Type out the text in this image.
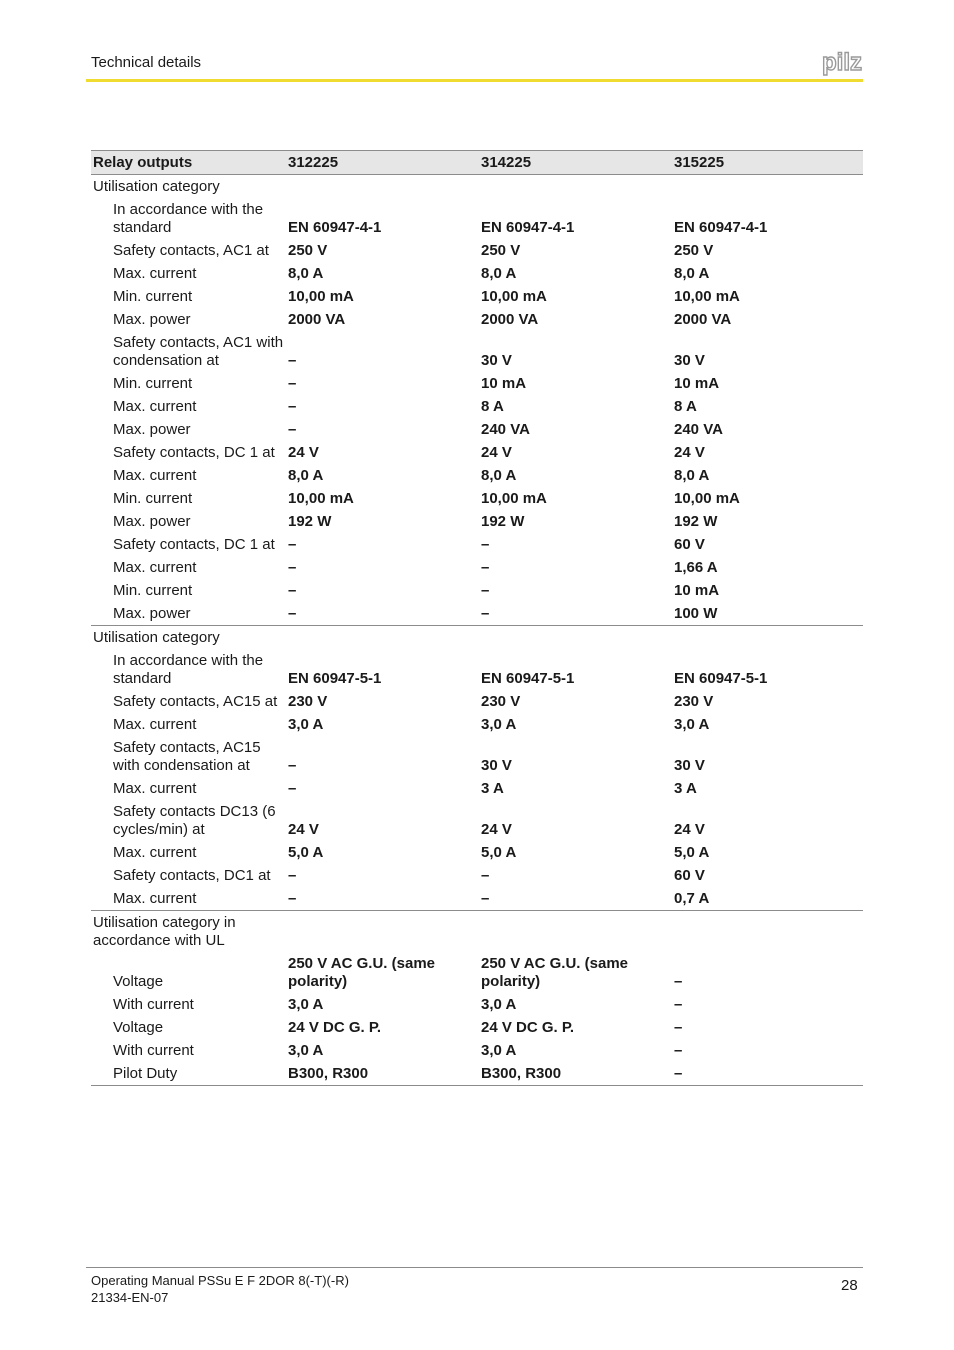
Technical details	pilz
Relay outputs	312225	314225	315225
Utilisation category			
In accordance with the standard	EN 60947-4-1	EN 60947-4-1	EN 60947-4-1
Safety contacts, AC1 at	250 V	250 V	250 V
Max. current	8,0 A	8,0 A	8,0 A
Min. current	10,00 mA	10,00 mA	10,00 mA
Max. power	2000 VA	2000 VA	2000 VA
Safety contacts, AC1 with condensation at	–	30 V	30 V
Min. current	–	10 mA	10 mA
Max. current	–	8 A	8 A
Max. power	–	240 VA	240 VA
Safety contacts, DC 1 at	24 V	24 V	24 V
Max. current	8,0 A	8,0 A	8,0 A
Min. current	10,00 mA	10,00 mA	10,00 mA
Max. power	192 W	192 W	192 W
Safety contacts, DC 1 at	–	–	60 V
Max. current	–	–	1,66 A
Min. current	–	–	10 mA
Max. power	–	–	100 W
Utilisation category			
In accordance with the standard	EN 60947-5-1	EN 60947-5-1	EN 60947-5-1
Safety contacts, AC15 at	230 V	230 V	230 V
Max. current	3,0 A	3,0 A	3,0 A
Safety contacts, AC15 with condensation at	–	30 V	30 V
Max. current	–	3 A	3 A
Safety contacts DC13 (6 cycles/min) at	24 V	24 V	24 V
Max. current	5,0 A	5,0 A	5,0 A
Safety contacts, DC1 at	–	–	60 V
Max. current	–	–	0,7 A
Utilisation category in accordance with UL			
Voltage	250 V AC G.U. (same polarity)	250 V AC G.U. (same polarity)	–
With current	3,0 A	3,0 A	–
Voltage	24 V DC G. P.	24 V DC G. P.	–
With current	3,0 A	3,0 A	–
Pilot Duty	B300, R300	B300, R300	–
Operating Manual PSSu E F 2DOR 8(-T)(-R)
21334-EN-07
28
